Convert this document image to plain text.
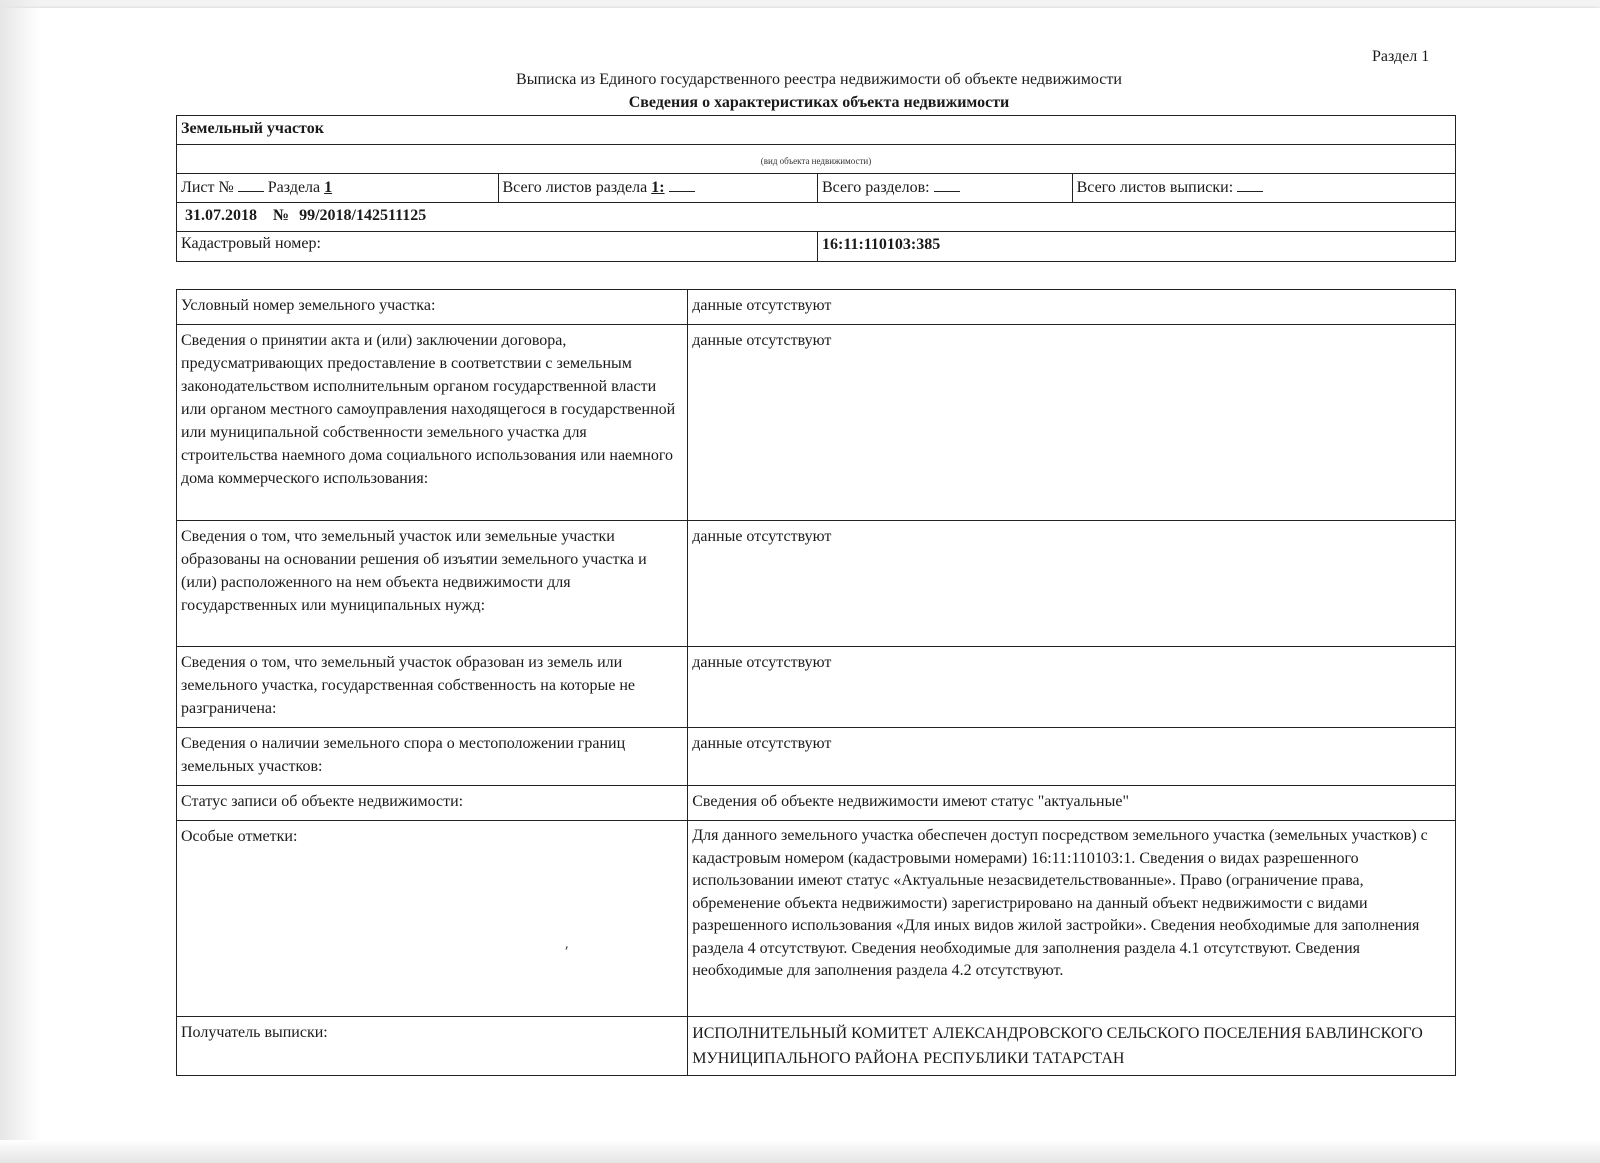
Раздел 1
Выписка из Единого государственного реестра недвижимости об объекте недвижимости
Сведения о характеристиках объекта недвижимости
Земельный участок
(вид объекта недвижимости)
Лист № Раздела 1	Всего листов раздела 1:	Всего разделов:	Всего листов выписки:
31.07.2018 № 99/2018/142511125
Кадастровый номер:	16:11:110103:385
Условный номер земельного участка:	данные отсутствуют
Сведения о принятии акта и (или) заключении договора, предусматривающих предоставление в соответствии с земельным законодательством исполнительным органом государственной власти или органом местного самоуправления находящегося в государственной или муниципальной собственности земельного участка для строительства наемного дома социального использования или наемного дома коммерческого использования:
данные отсутствуют
Сведения о том, что земельный участок или земельные участки образованы на основании решения об изъятии земельного участка и (или) расположенного на нем объекта недвижимости для государственных или муниципальных нужд:
данные отсутствуют
Сведения о том, что земельный участок образован из земель или земельного участка, государственная собственность на которые не разграничена:
данные отсутствуют
Сведения о наличии земельного спора о местоположении границ земельных участков:
данные отсутствуют
Статус записи об объекте недвижимости:	Сведения об объекте недвижимости имеют статус "актуальные"
Особые отметки:	Для данного земельного участка обеспечен доступ посредством земельного участка (земельных участков) с кадастровым номером (кадастровыми номерами) 16:11:110103:1. Сведения о видах разрешенного использовании имеют статус «Актуальные незасвидетельствованные». Право (ограничение права, обременение объекта недвижимости) зарегистрировано на данный объект недвижимости с видами разрешенного использования «Для иных видов жилой застройки». Сведения необходимые для заполнения раздела 4 отсутствуют. Сведения необходимые для заполнения раздела 4.1 отсутствуют. Сведения необходимые для заполнения раздела 4.2 отсутствуют.
Получатель выписки:	ИСПОЛНИТЕЛЬНЫЙ КОМИТЕТ АЛЕКСАНДРОВСКОГО СЕЛЬСКОГО ПОСЕЛЕНИЯ БАВЛИНСКОГО МУНИЦИПАЛЬНОГО РАЙОНА РЕСПУБЛИКИ ТАТАРСТАН
⸴
